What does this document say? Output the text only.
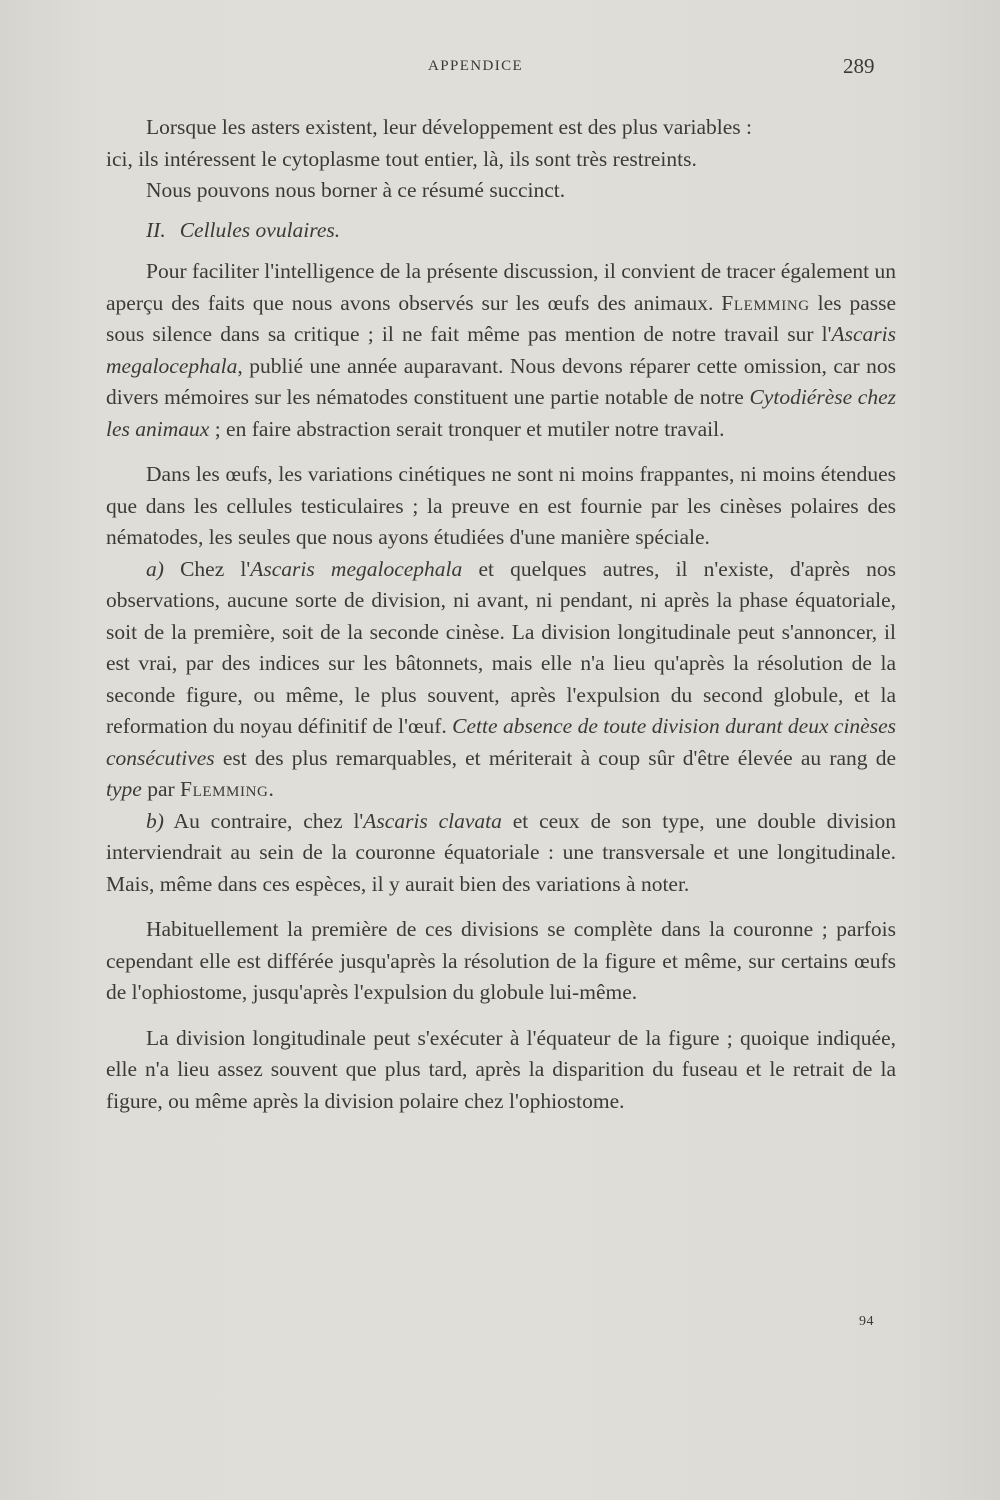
APPENDICE	289

Lorsque les asters existent, leur développement est des plus variables :
ici, ils intéressent le cytoplasme tout entier, là, ils sont très restreints.

Nous pouvons nous borner à ce résumé succinct.

II. Cellules ovulaires.

Pour faciliter l'intelligence de la présente discussion, il convient de tracer également un aperçu des faits que nous avons observés sur les œufs des animaux. Flemming les passe sous silence dans sa critique ; il ne fait même pas mention de notre travail sur l'Ascaris megalocephala, publié une année auparavant. Nous devons réparer cette omission, car nos divers mémoires sur les nématodes constituent une partie notable de notre Cytodiérèse chez les animaux ; en faire abstraction serait tronquer et mutiler notre travail.

Dans les œufs, les variations cinétiques ne sont ni moins frappantes, ni moins étendues que dans les cellules testiculaires ; la preuve en est fournie par les cinèses polaires des nématodes, les seules que nous ayons étudiées d'une manière spéciale.

a) Chez l'Ascaris megalocephala et quelques autres, il n'existe, d'après nos observations, aucune sorte de division, ni avant, ni pendant, ni après la phase équatoriale, soit de la première, soit de la seconde cinèse. La division longitudinale peut s'annoncer, il est vrai, par des indices sur les bâtonnets, mais elle n'a lieu qu'après la résolution de la seconde figure, ou même, le plus souvent, après l'expulsion du second globule, et la reformation du noyau définitif de l'œuf. Cette absence de toute division durant deux cinèses consécutives est des plus remarquables, et mériterait à coup sûr d'être élevée au rang de type par Flemming.

b) Au contraire, chez l'Ascaris clavata et ceux de son type, une double division interviendrait au sein de la couronne équatoriale : une transversale et une longitudinale. Mais, même dans ces espèces, il y aurait bien des variations à noter.

Habituellement la première de ces divisions se complète dans la couronne ; parfois cependant elle est différée jusqu'après la résolution de la figure et même, sur certains œufs de l'ophiostome, jusqu'après l'expulsion du globule lui-même.

La division longitudinale peut s'exécuter à l'équateur de la figure ; quoique indiquée, elle n'a lieu assez souvent que plus tard, après la disparition du fuseau et le retrait de la figure, ou même après la division polaire chez l'ophiostome.

94
